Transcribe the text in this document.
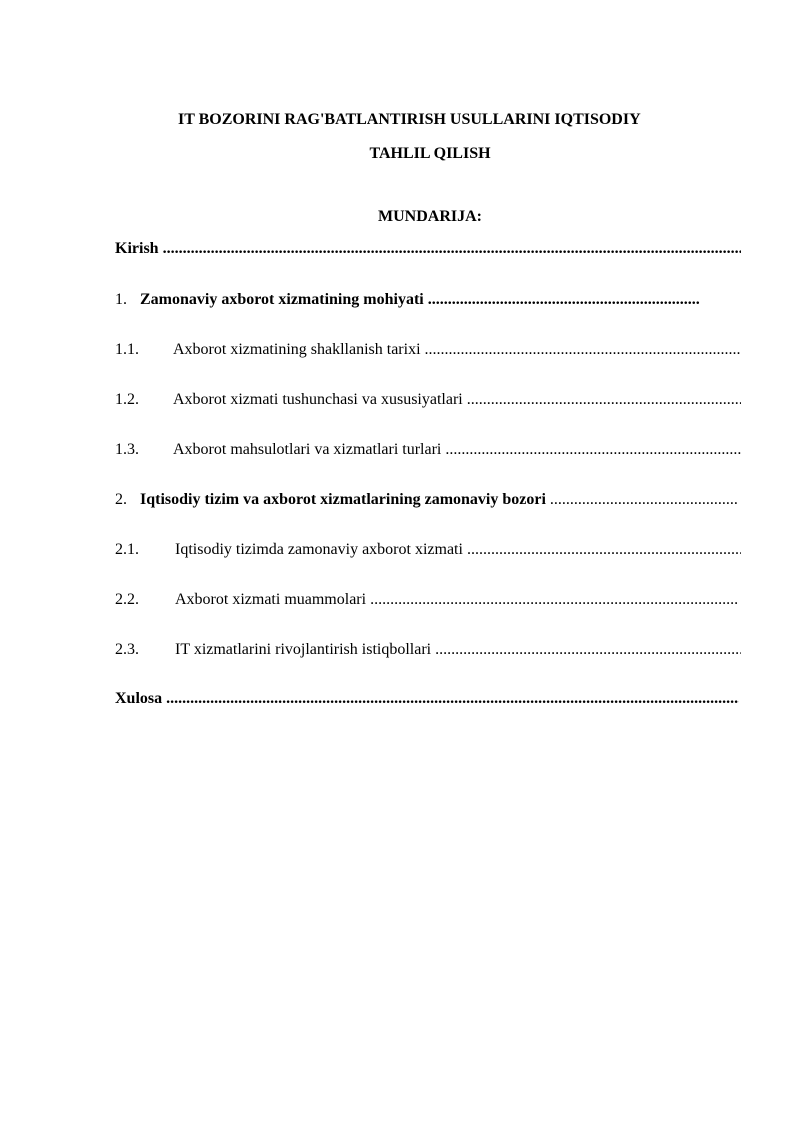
IT BOZORINI RAG'BATLANTIRISH USULLARINI IQTISODIY
TAHLIL QILISH
MUNDARIJA:
Kirish
.....
1. Zamonaviy axborot xizmatining mohiyati
.....
1.1.	Axborot xizmatining shakllanish tarixi
.....
1.2.	Axborot xizmati tushunchasi va xususiyatlari
.....
1.3.	Axborot mahsulotlari va xizmatlari turlari
.....
2. Iqtisodiy tizim va axborot xizmatlarining zamonaviy bozori
.....
2.1.	Iqtisodiy tizimda zamonaviy axborot xizmati
.....
2.2.	Axborot xizmati muammolari
.....
2.3.	IT xizmatlarini rivojlantirish istiqbollari
.....
Xulosa
.....
